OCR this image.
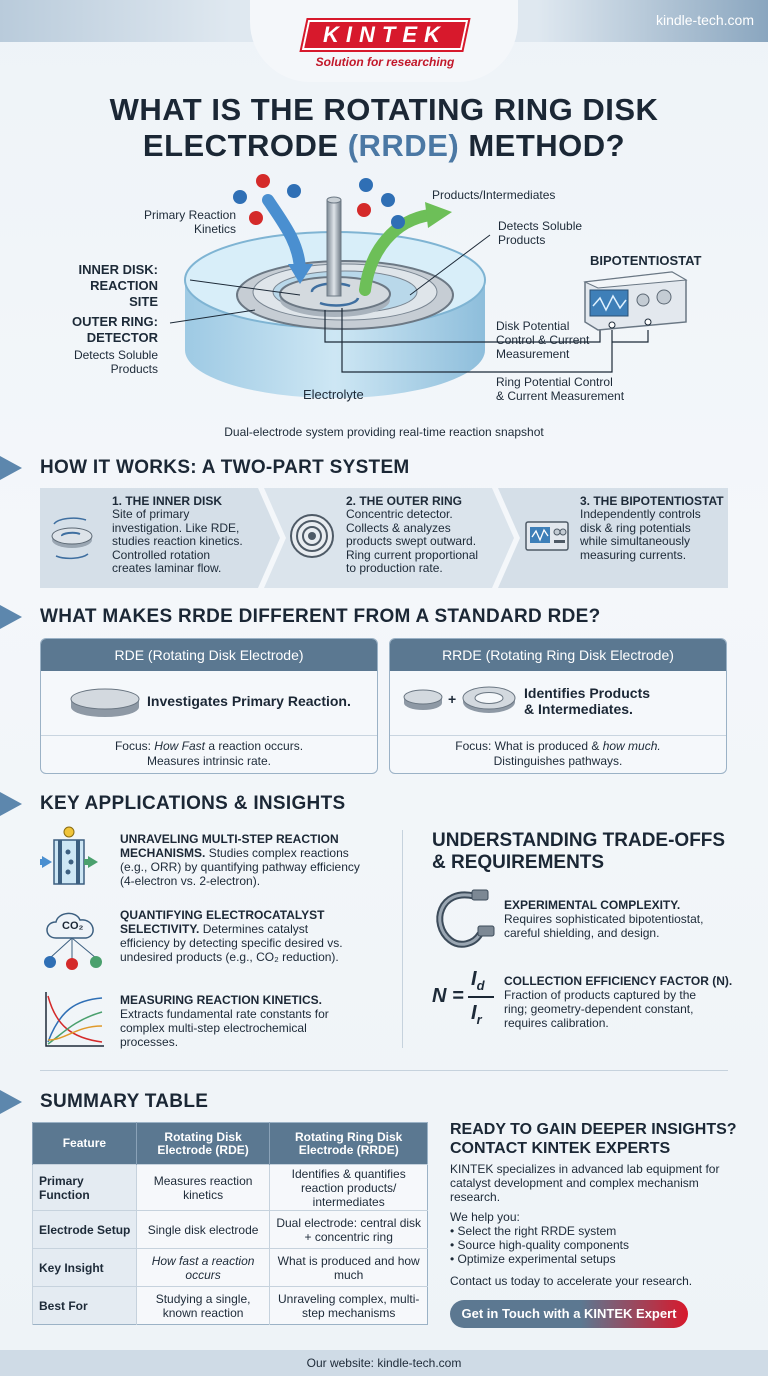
KINTEK
Solution for researching
kindle-tech.com
WHAT IS THE ROTATING RING DISK
ELECTRODE (RRDE) METHOD?
Primary Reaction
Kinetics
Products/Intermediates
Detects Soluble
Products
BIPOTENTIOSTAT
INNER DISK:
REACTION SITE
OUTER RING:
DETECTOR
Detects Soluble
Products
Disk Potential
Control & Current
Measurement
Ring Potential Control
& Current Measurement
Electrolyte
Dual-electrode system providing real-time reaction snapshot
HOW IT WORKS: A TWO-PART SYSTEM
1. THE INNER DISK
Site of primary
investigation. Like RDE,
studies reaction kinetics.
Controlled rotation
creates laminar flow.
2. THE OUTER RING
Concentric detector.
Collects & analyzes
products swept outward.
Ring current proportional
to production rate.
3. THE BIPOTENTIOSTAT
Independently controls
disk & ring potentials
while simultaneously
measuring currents.
WHAT MAKES RRDE DIFFERENT FROM A STANDARD RDE?
RDE (Rotating Disk Electrode)
Investigates Primary Reaction.
Focus: How Fast a reaction occurs.
Measures intrinsic rate.
RRDE (Rotating Ring Disk Electrode)
+	Identifies Products
& Intermediates.
Focus: What is produced & how much.
Distinguishes pathways.
KEY APPLICATIONS & INSIGHTS
UNRAVELING MULTI-STEP REACTION
MECHANISMS. Studies complex reactions
(e.g., ORR) by quantifying pathway efficiency
(4-electron vs. 2-electron).
CO₂
QUANTIFYING ELECTROCATALYST
SELECTIVITY. Determines catalyst
efficiency by detecting specific desired vs.
undesired products (e.g., CO₂ reduction).
MEASURING REACTION KINETICS.
Extracts fundamental rate constants for
complex multi-step electrochemical
processes.
UNDERSTANDING TRADE-OFFS
& REQUIREMENTS
EXPERIMENTAL COMPLEXITY.
Requires sophisticated bipotentiostat,
careful shielding, and design.
N =
$I_d$
$I_r$
COLLECTION EFFICIENCY FACTOR (N).
Fraction of products captured by the
ring; geometry-dependent constant,
requires calibration.
SUMMARY TABLE
Feature	Rotating Disk Electrode (RDE)	Rotating Ring Disk Electrode (RRDE)
Primary Function	Measures reaction kinetics	Identifies & quantifies reaction products/ intermediates
Electrode Setup	Single disk electrode	Dual electrode: central disk + concentric ring
Key Insight	How fast a reaction occurs	What is produced and how much
Best For	Studying a single, known reaction	Unraveling complex, multi-step mechanisms
READY TO GAIN DEEPER INSIGHTS?
CONTACT KINTEK EXPERTS
KINTEK specializes in advanced lab equipment for
catalyst development and complex mechanism
research.
We help you:
• Select the right RRDE system
• Source high-quality components
• Optimize experimental setups
Contact us today to accelerate your research.
Get in Touch with a KINTEK Expert
Our website: kindle-tech.com
